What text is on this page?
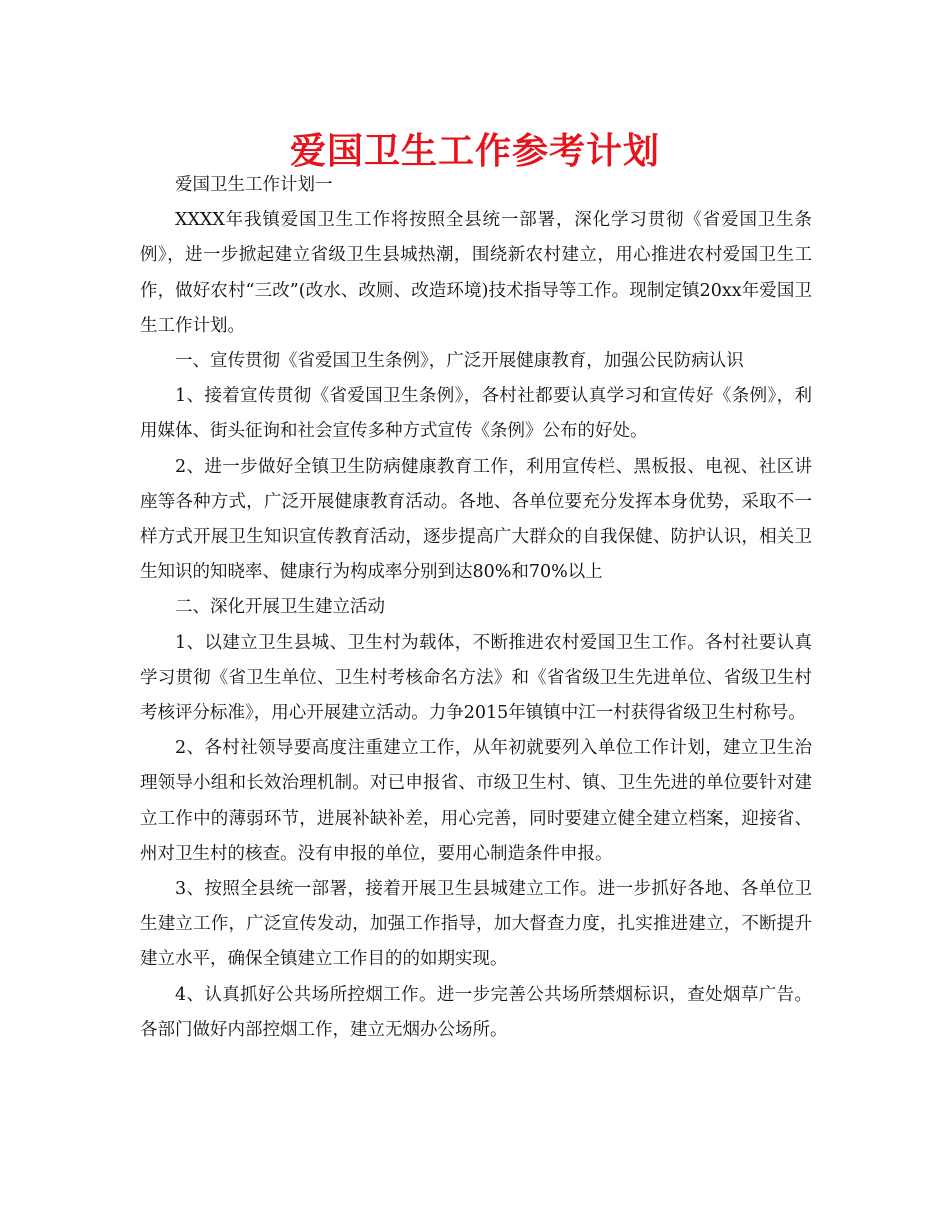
爱国卫生工作参考计划

爱国卫生工作计划一

XXXX年我镇爱国卫生工作将按照全县统一部署，深化学习贯彻《省爱国卫生条例》，进一步掀起建立省级卫生县城热潮，围绕新农村建立，用心推进农村爱国卫生工作，做好农村“三改”(改水、改厕、改造环境)技术指导等工作。现制定镇20xx年爱国卫生工作计划。

一、宣传贯彻《省爱国卫生条例》，广泛开展健康教育，加强公民防病认识

1、接着宣传贯彻《省爱国卫生条例》，各村社都要认真学习和宣传好《条例》，利用媒体、街头征询和社会宣传多种方式宣传《条例》公布的好处。

2、进一步做好全镇卫生防病健康教育工作，利用宣传栏、黑板报、电视、社区讲座等各种方式，广泛开展健康教育活动。各地、各单位要充分发挥本身优势，采取不一样方式开展卫生知识宣传教育活动，逐步提高广大群众的自我保健、防护认识，相关卫生知识的知晓率、健康行为构成率分别到达80%和70%以上

二、深化开展卫生建立活动

1、以建立卫生县城、卫生村为载体，不断推进农村爱国卫生工作。各村社要认真学习贯彻《省卫生单位、卫生村考核命名方法》和《省省级卫生先进单位、省级卫生村考核评分标准》，用心开展建立活动。力争2015年镇镇中江一村获得省级卫生村称号。

2、各村社领导要高度注重建立工作，从年初就要列入单位工作计划，建立卫生治理领导小组和长效治理机制。对已申报省、市级卫生村、镇、卫生先进的单位要针对建立工作中的薄弱环节，进展补缺补差，用心完善，同时要建立健全建立档案，迎接省、州对卫生村的核查。没有申报的单位，要用心制造条件申报。

3、按照全县统一部署，接着开展卫生县城建立工作。进一步抓好各地、各单位卫生建立工作，广泛宣传发动，加强工作指导，加大督查力度，扎实推进建立，不断提升建立水平，确保全镇建立工作目的的如期实现。

4、认真抓好公共场所控烟工作。进一步完善公共场所禁烟标识，查处烟草广告。各部门做好内部控烟工作，建立无烟办公场所。
